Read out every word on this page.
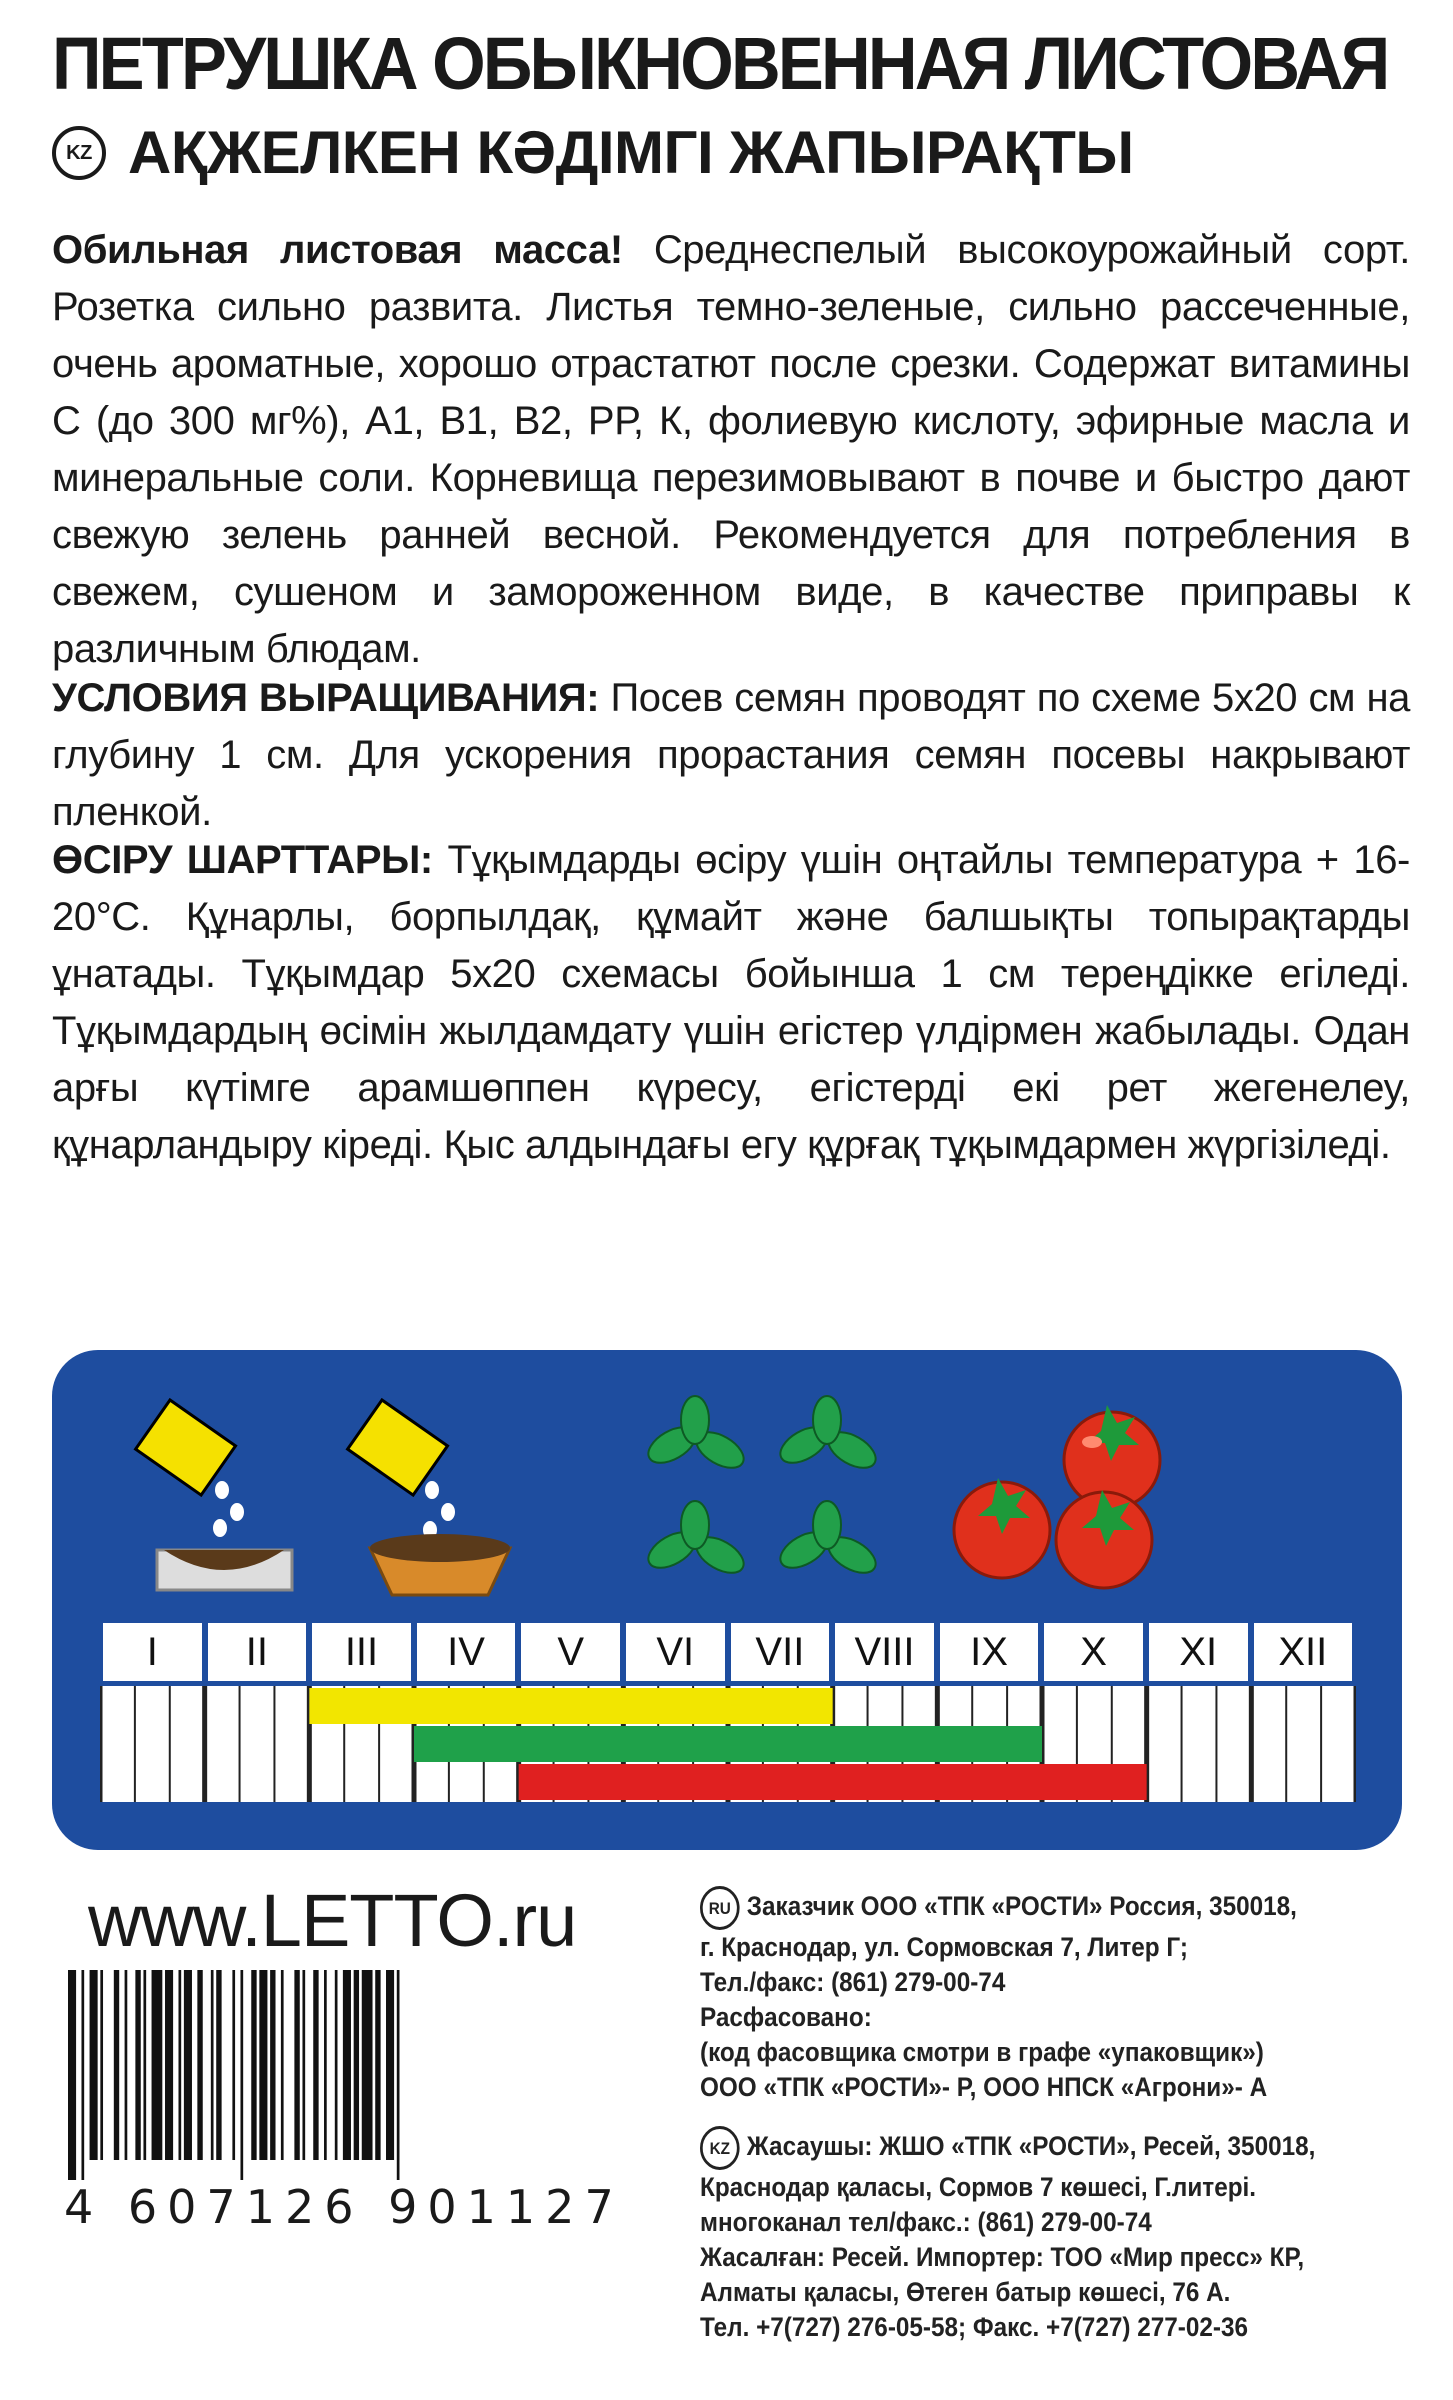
ПЕТРУШКА ОБЫКНОВЕННАЯ ЛИСТОВАЯ
KZ АҚЖЕЛКЕН КӘДІМГІ ЖАПЫРАҚТЫ
Обильная листовая масса! Среднеспелый высокоурожайный сорт. Розетка сильно развита. Листья темно-зеленые, сильно рассеченные, очень ароматные, хорошо отрастатют после срезки. Содержат витамины С (до 300 мг%), А1, В1, В2, РР, К, фолиевую кислоту, эфирные масла и минеральные соли. Корневища перезимовывают в почве и быстро дают свежую зелень ранней весной. Рекомендуется для потребления в свежем, сушеном и замороженном виде, в качестве приправы к различным блюдам.
УСЛОВИЯ ВЫРАЩИВАНИЯ: Посев семян проводят по схеме 5х20 см на глубину 1 см. Для ускорения прорастания семян посевы накрывают пленкой.
ӨСІРУ ШАРТТАРЫ: Тұқымдарды өсіру үшін оңтайлы температура + 16-20°С. Құнарлы, борпылдақ, құмайт және балшықты топырақтарды ұнатады. Тұқымдар 5х20 схемасы бойынша 1 см тереңдікке егіледі. Тұқымдардың өсімін жылдамдату үшін егістер үлдірмен жабылады. Одан арғы күтімге арамшөппен күресу, егістерді екі рет жегенелеу, құнарландыру кіреді. Қыс алдындағы егу құрғақ тұқымдармен жүргізіледі.
I	II	III	IV	V	VI	VII	VIII	IX	X	XI	XII
www.LETTO.ru
4 607126 901127
RU Заказчик ООО «ТПК «РОСТИ» Россия, 350018,
г. Краснодар, ул. Сормовская 7, Литер Г;
Тел./факс: (861) 279-00-74
Расфасовано:
(код фасовщика смотри в графе «упаковщик»)
ООО «ТПК «РОСТИ»- Р, ООО НПСК «Агрони»- А
KZ Жасаушы: ЖШО «ТПК «РОСТИ», Ресей, 350018,
Краснодар қаласы, Сормов 7 көшесі, Г.литері.
многоканал тел/факс.: (861) 279-00-74
Жасалған: Ресей. Импортер: ТОО «Мир пресс» КР,
Алматы қаласы, Өтеген батыр көшесі, 76 А.
Тел. +7(727) 276-05-58; Факс. +7(727) 277-02-36
